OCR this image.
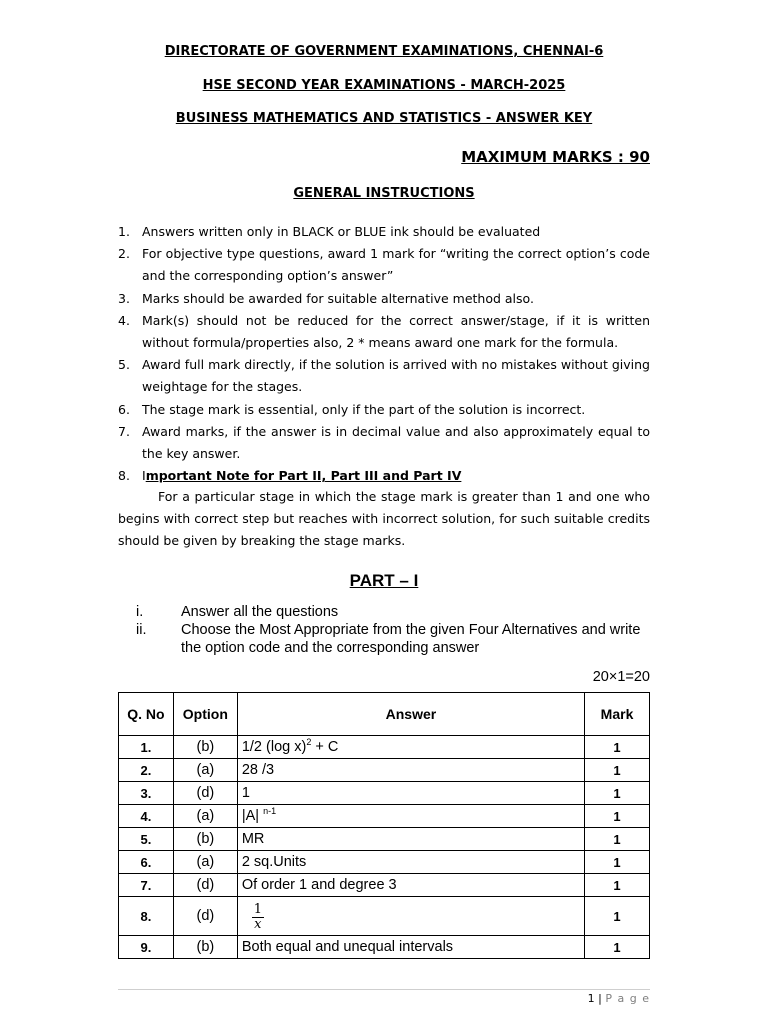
DIRECTORATE OF GOVERNMENT EXAMINATIONS, CHENNAI-6
HSE SECOND YEAR EXAMINATIONS - MARCH-2025
BUSINESS MATHEMATICS AND STATISTICS - ANSWER KEY
MAXIMUM MARKS : 90
GENERAL INSTRUCTIONS
1. Answers written only in BLACK or BLUE ink should be evaluated
2. For objective type questions, award 1 mark for “writing the correct option’s code and the corresponding option’s answer”
3. Marks should be awarded for suitable alternative method also.
4. Mark(s) should not be reduced for the correct answer/stage, if it is written without formula/properties also, 2 * means award one mark for the formula.
5. Award full mark directly, if the solution is arrived with no mistakes without giving weightage for the stages.
6. The stage mark is essential, only if the part of the solution is incorrect.
7. Award marks, if the answer is in decimal value and also approximately equal to the key answer.
8. Important Note for Part II, Part III and Part IV
For a particular stage in which the stage mark is greater than 1 and one who begins with correct step but reaches with incorrect solution, for such suitable credits should be given by breaking the stage marks.
PART – I
i.	Answer all the questions
ii.	Choose the Most Appropriate from the given Four Alternatives and write the option code and the corresponding answer
20×1=20
Q. No	Option	Answer	Mark
1.	(b)	1/2 (log x)$^2$ + C	1
2.	(a)	28 /3	1
3.	(d)	1	1
4.	(a)	|A| $^{n-1}$	1
5.	(b)	MR	1
6.	(a)	2 sq.Units	1
7.	(d)	Of order 1 and degree 3	1
8.	(d)	$\frac{1}{x}$	1
9.	(b)	Both equal and unequal intervals	1
1 | P a g e
